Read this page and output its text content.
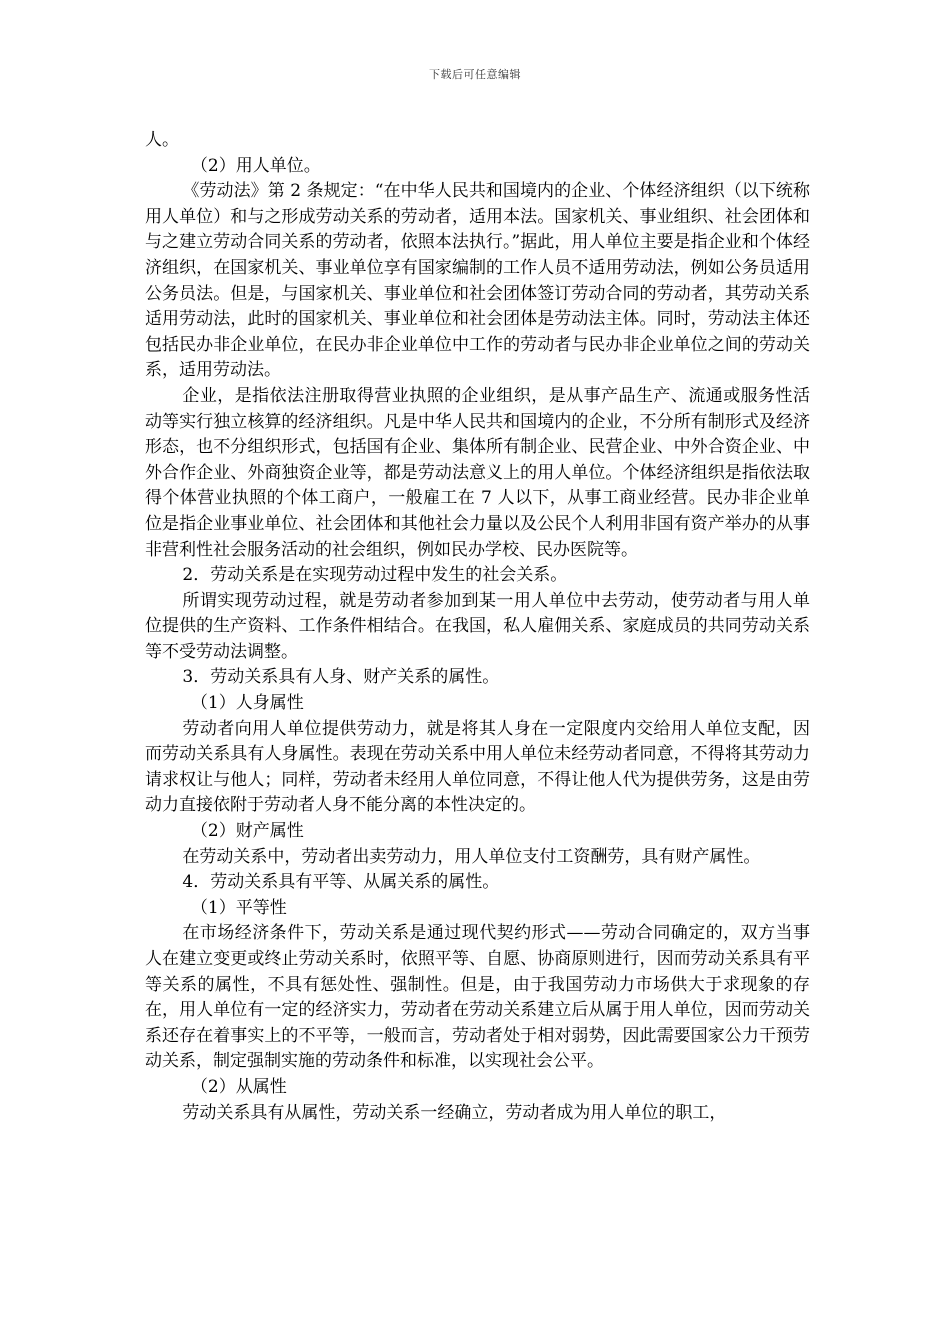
下载后可任意编辑

人。

（2）用人单位。

《劳动法》第 2 条规定：“在中华人民共和国境内的企业、个体经济组织（以下统称用人单位）和与之形成劳动关系的劳动者，适用本法。国家机关、事业组织、社会团体和与之建立劳动合同关系的劳动者，依照本法执行。”据此，用人单位主要是指企业和个体经济组织，在国家机关、事业单位享有国家编制的工作人员不适用劳动法，例如公务员适用公务员法。但是，与国家机关、事业单位和社会团体签订劳动合同的劳动者，其劳动关系适用劳动法，此时的国家机关、事业单位和社会团体是劳动法主体。同时，劳动法主体还包括民办非企业单位，在民办非企业单位中工作的劳动者与民办非企业单位之间的劳动关系，适用劳动法。

企业，是指依法注册取得营业执照的企业组织，是从事产品生产、流通或服务性活动等实行独立核算的经济组织。凡是中华人民共和国境内的企业，不分所有制形式及经济形态，也不分组织形式，包括国有企业、集体所有制企业、民营企业、中外合资企业、中外合作企业、外商独资企业等，都是劳动法意义上的用人单位。个体经济组织是指依法取得个体营业执照的个体工商户，一般雇工在 7 人以下，从事工商业经营。民办非企业单位是指企业事业单位、社会团体和其他社会力量以及公民个人利用非国有资产举办的从事非营利性社会服务活动的社会组织，例如民办学校、民办医院等。

2．劳动关系是在实现劳动过程中发生的社会关系。

所谓实现劳动过程，就是劳动者参加到某一用人单位中去劳动，使劳动者与用人单位提供的生产资料、工作条件相结合。在我国，私人雇佣关系、家庭成员的共同劳动关系等不受劳动法调整。

3．劳动关系具有人身、财产关系的属性。

（1）人身属性

劳动者向用人单位提供劳动力，就是将其人身在一定限度内交给用人单位支配，因而劳动关系具有人身属性。表现在劳动关系中用人单位未经劳动者同意，不得将其劳动力请求权让与他人；同样，劳动者未经用人单位同意，不得让他人代为提供劳务，这是由劳动力直接依附于劳动者人身不能分离的本性决定的。

（2）财产属性

在劳动关系中，劳动者出卖劳动力，用人单位支付工资酬劳，具有财产属性。

4．劳动关系具有平等、从属关系的属性。

（1）平等性

在市场经济条件下，劳动关系是通过现代契约形式——劳动合同确定的，双方当事人在建立变更或终止劳动关系时，依照平等、自愿、协商原则进行，因而劳动关系具有平等关系的属性，不具有惩处性、强制性。但是，由于我国劳动力市场供大于求现象的存在，用人单位有一定的经济实力，劳动者在劳动关系建立后从属于用人单位，因而劳动关系还存在着事实上的不平等，一般而言，劳动者处于相对弱势，因此需要国家公力干预劳动关系，制定强制实施的劳动条件和标准，以实现社会公平。

（2）从属性

劳动关系具有从属性，劳动关系一经确立，劳动者成为用人单位的职工，
